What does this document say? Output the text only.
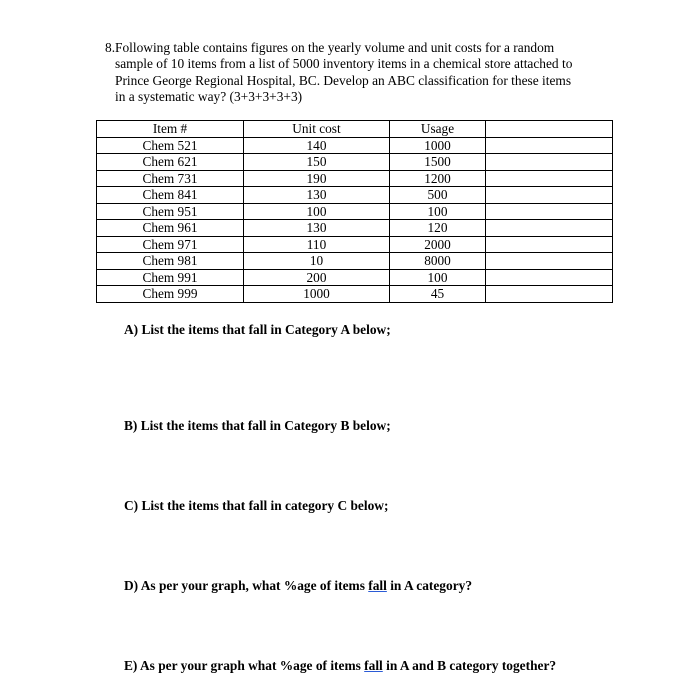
8. Following table contains figures on the yearly volume and unit costs for a random
sample of 10 items from a list of 5000 inventory items in a chemical store attached to
Prince George Regional Hospital, BC. Develop an ABC classification for these items
in a systematic way? (3+3+3+3+3)
Item #	Unit cost	Usage	
Chem 521	140	1000	
Chem 621	150	1500	
Chem 731	190	1200	
Chem 841	130	500	
Chem 951	100	100	
Chem 961	130	120	
Chem 971	110	2000	
Chem 981	10	8000	
Chem 991	200	100	
Chem 999	1000	45	
A) List the items that fall in Category A below;
B) List the items that fall in Category B below;
C) List the items that fall in category C below;
D) As per your graph, what %age of items fall in A category?
E) As per your graph what %age of items fall in A and B category together?
